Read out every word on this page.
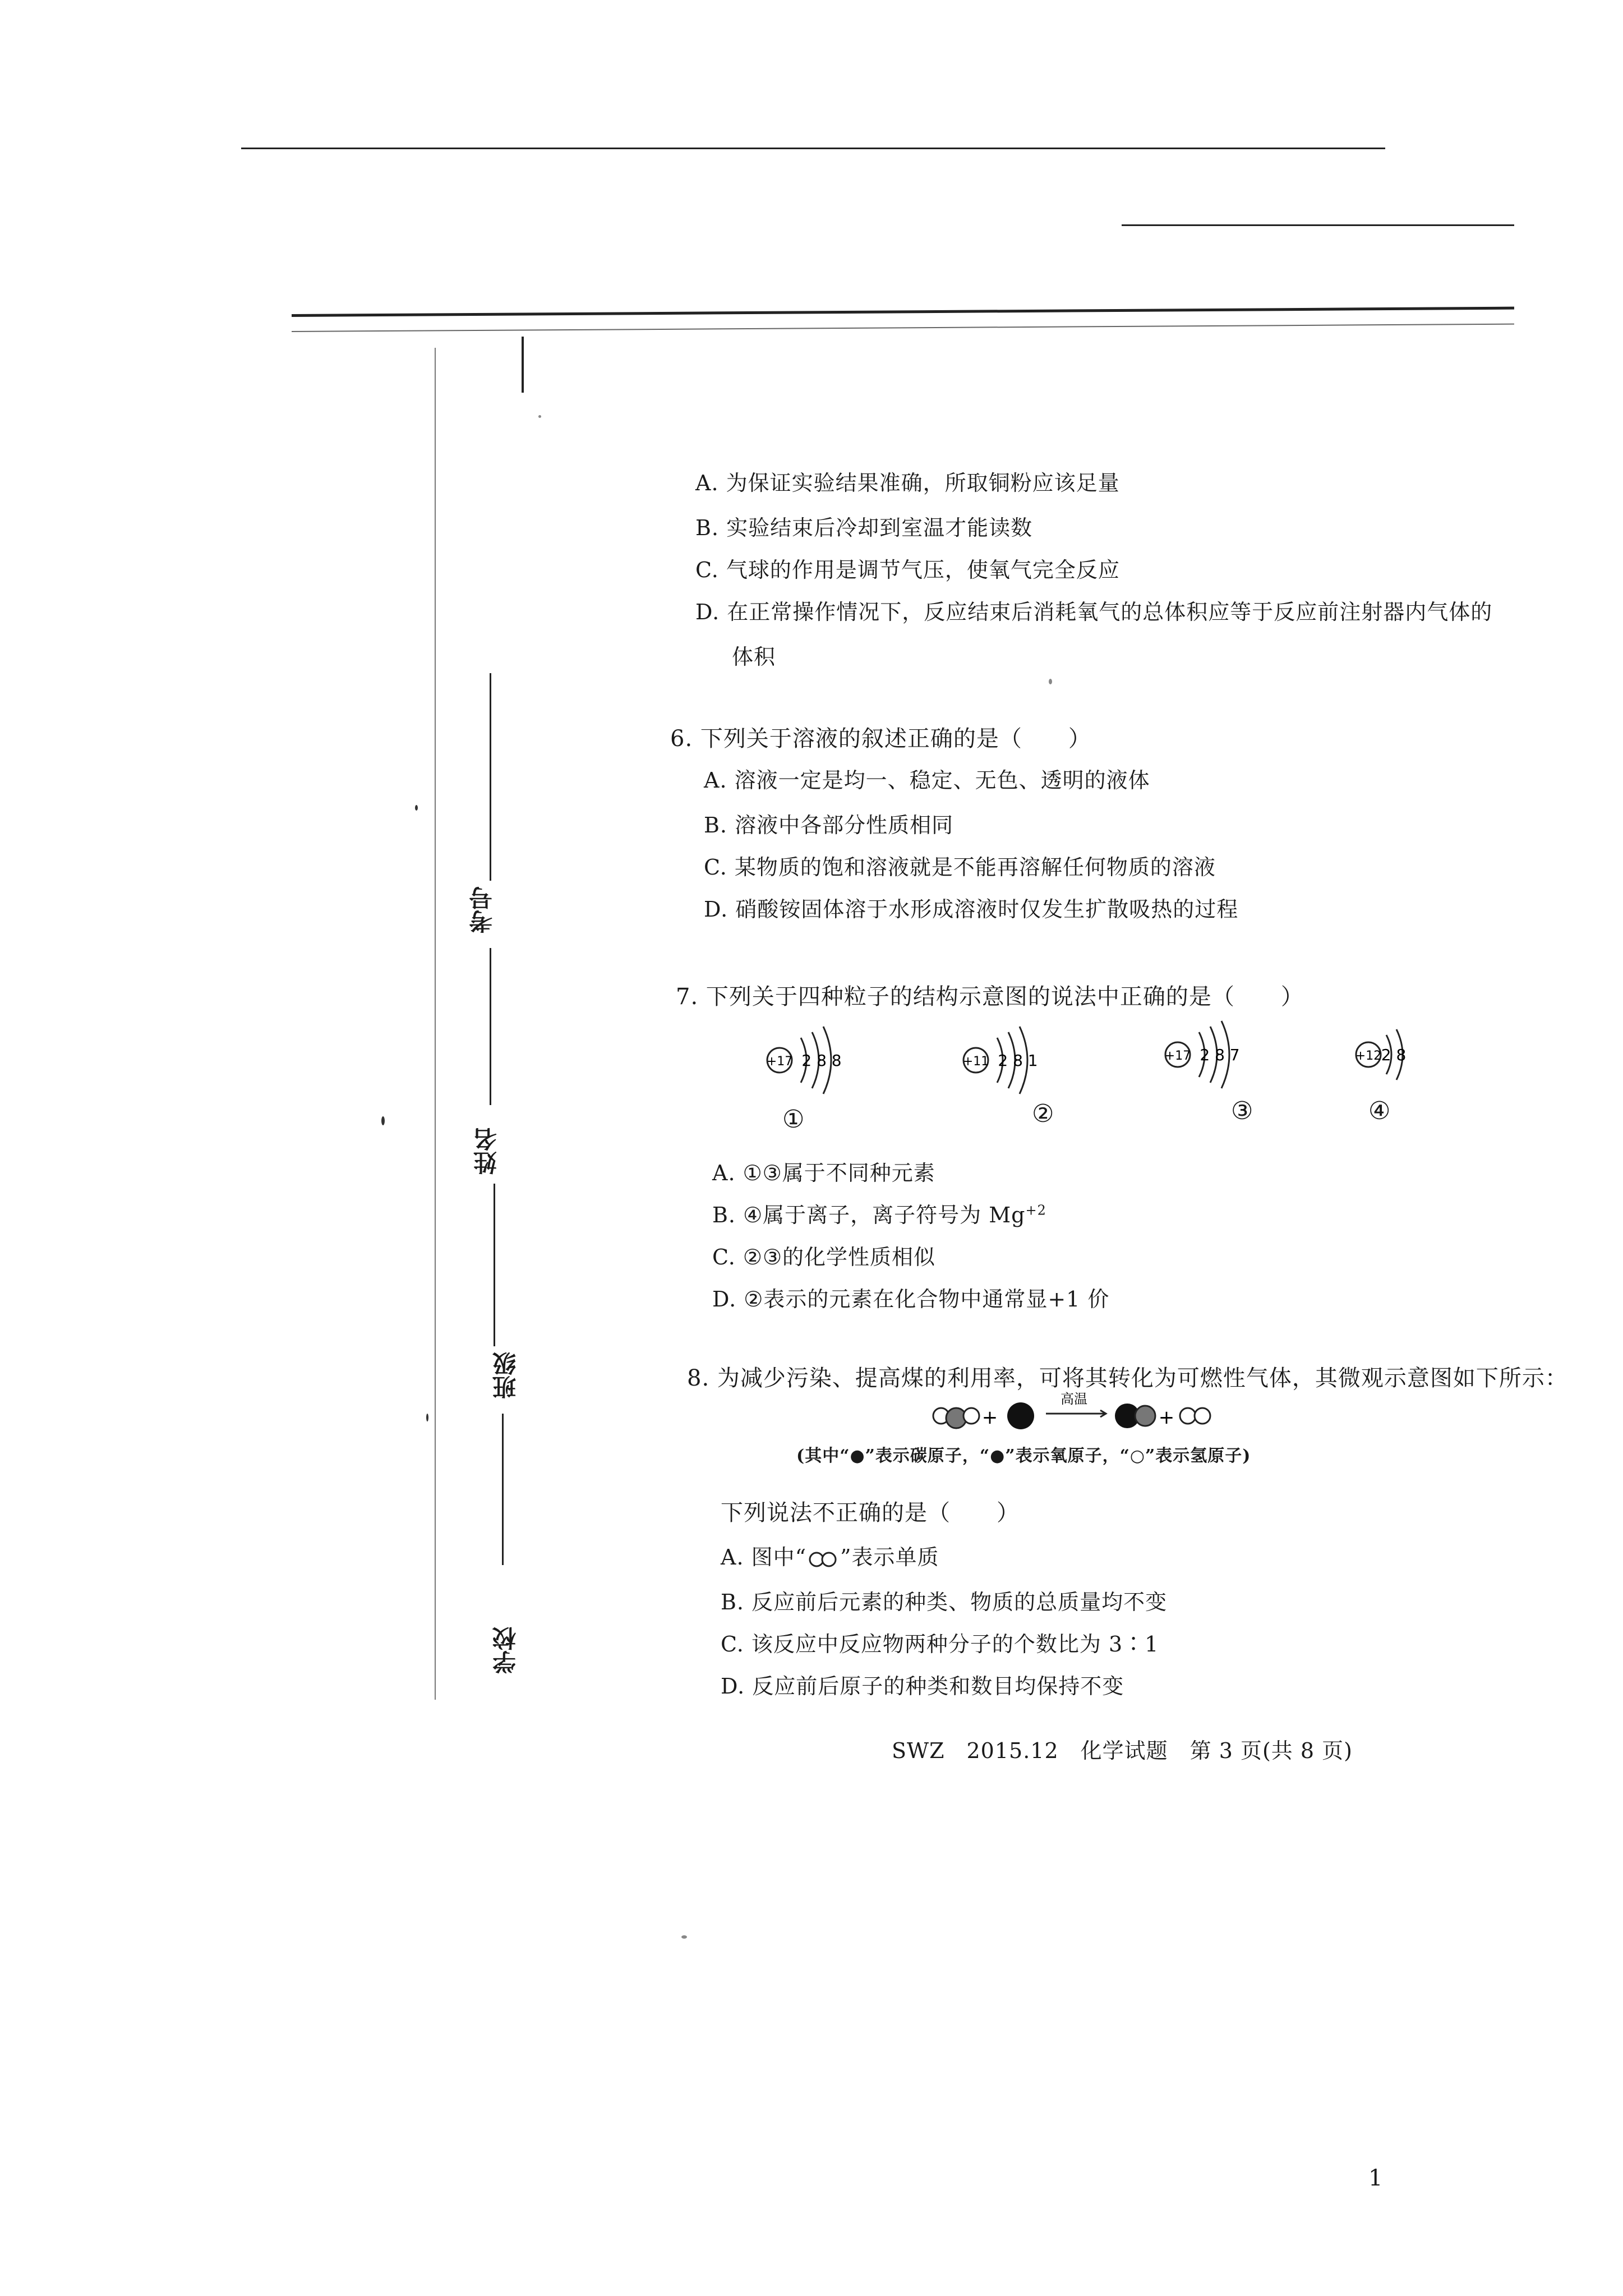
考号
姓名
班级
学校
A. 为保证实验结果准确，所取铜粉应该足量
B. 实验结束后冷却到室温才能读数
C. 气球的作用是调节气压，使氧气完全反应
D. 在正常操作情况下，反应结束后消耗氧气的总体积应等于反应前注射器内气体的
体积
6. 下列关于溶液的叙述正确的是（　　）
A. 溶液一定是均一、稳定、无色、透明的液体
B. 溶液中各部分性质相同
C. 某物质的饱和溶液就是不能再溶解任何物质的溶液
D. 硝酸铵固体溶于水形成溶液时仅发生扩散吸热的过程
7. 下列关于四种粒子的结构示意图的说法中正确的是（　　）
+17 2 8 8
①
+11 2 8 1
②
+17 2 8 7
③
+12 2 8
④
A. ①③属于不同种元素
B. ④属于离子，离子符号为 $Mg^{+2}$
C. ②③的化学性质相似
D. ②表示的元素在化合物中通常显+1 价
8. 为减少污染、提高煤的利用率，可将其转化为可燃性气体，其微观示意图如下所示：
+
高温
+
(其中“●”表示碳原子，“●”表示氧原子，“○”表示氢原子)
下列说法不正确的是（　　）
A. 图中“ ”表示单质
B. 反应前后元素的种类、物质的总质量均不变
C. 该反应中反应物两种分子的个数比为 3∶1
D. 反应前后原子的种类和数目均保持不变
SWZ　2015.12　化学试题　第 3 页(共 8 页)
1
